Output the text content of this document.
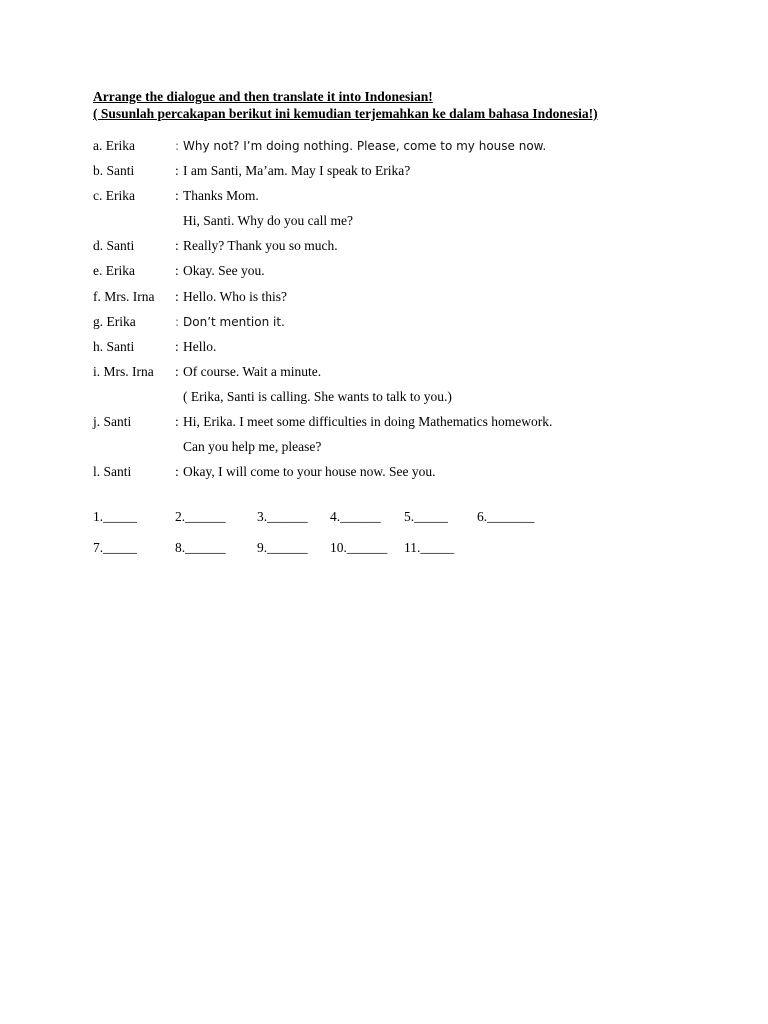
Arrange the dialogue and then translate it into Indonesian!
( Susunlah percakapan berikut ini kemudian terjemahkan ke dalam bahasa Indonesia!)
a. Erika	: Why not? I’m doing nothing. Please, come to my house now.
b. Santi	: I am Santi, Ma’am. May I speak to Erika?
c. Erika	: Thanks Mom.
Hi, Santi. Why do you call me?
d. Santi	: Really? Thank you so much.
e. Erika	: Okay. See you.
f. Mrs. Irna : Hello. Who is this?
g. Erika	: Don’t mention it.
h. Santi	: Hello.
i. Mrs. Irna : Of course. Wait a minute.
( Erika, Santi is calling. She wants to talk to you.)
j. Santi	: Hi, Erika. I meet some difficulties in doing Mathematics homework.
Can you help me, please?
l. Santi	: Okay, I will come to your house now. See you.
1._____	2.______ 3.______ 4.______ 5._____ 6._______
7._____	8.______ 9.______ 10.______ 11._____
